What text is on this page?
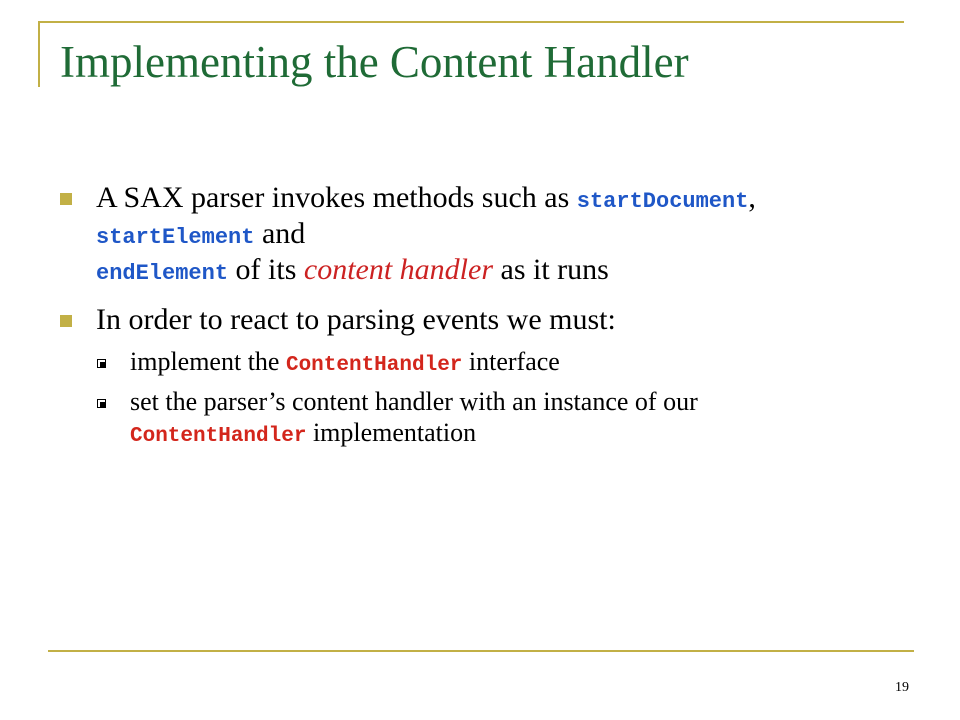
Implementing the Content Handler
A SAX parser invokes methods such as startDocument, startElement and
endElement of its content handler as it runs
In order to react to parsing events we must:
implement the ContentHandler interface
set the parser’s content handler with an instance of our
ContentHandler implementation
19
